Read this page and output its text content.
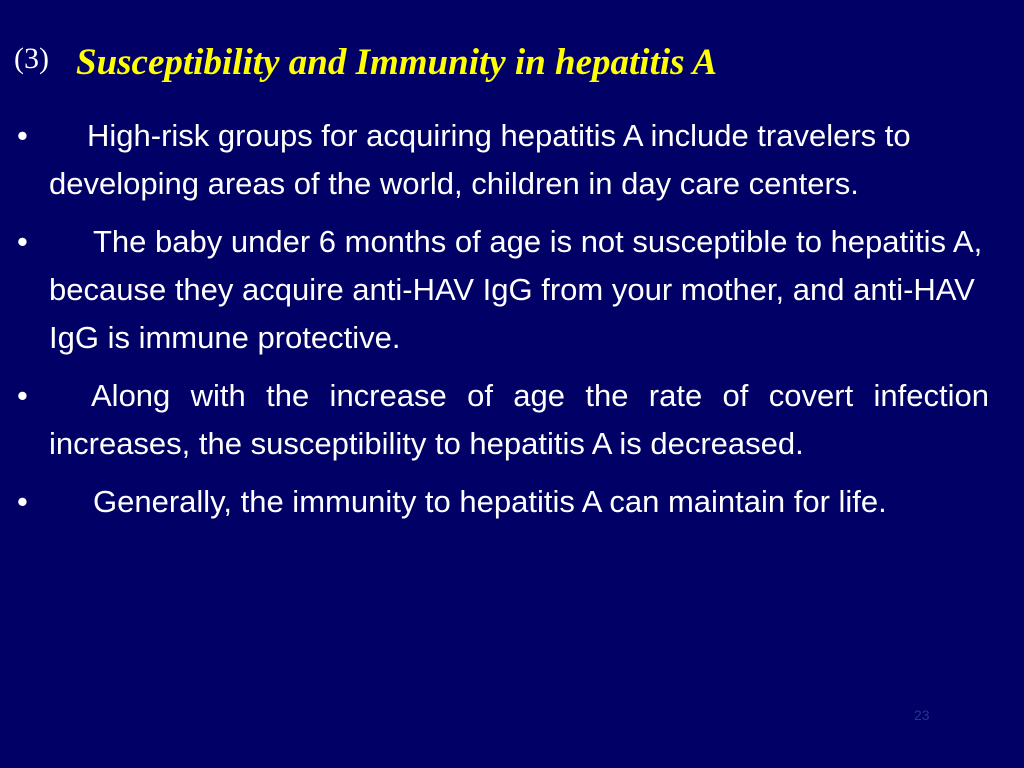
(3) Susceptibility and Immunity in hepatitis A
• High-risk groups for acquiring hepatitis A include travelers to developing areas of the world, children in day care centers.
• The baby under 6 months of age is not susceptible to hepatitis A, because they acquire anti-HAV IgG from your mother, and anti-HAV IgG is immune protective.
• Along with the increase of age the rate of covert infection increases, the susceptibility to hepatitis A is decreased.
• Generally, the immunity to hepatitis A can maintain for life.
23
